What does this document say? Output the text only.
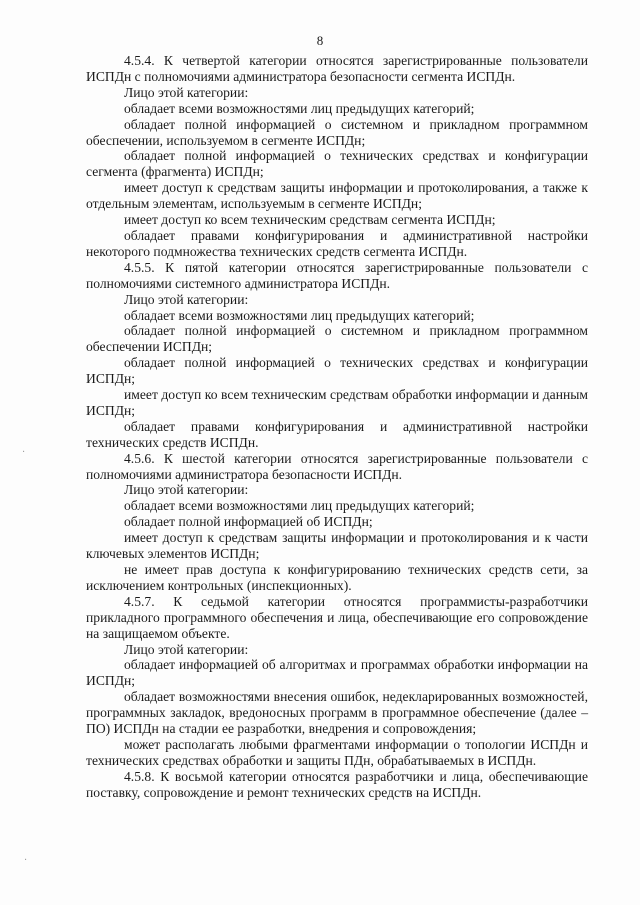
8

4.5.4. К четвертой категории относятся зарегистрированные пользователи ИСПДн с полномочиями администратора безопасности сегмента ИСПДн.

Лицо этой категории:

обладает всеми возможностями лиц предыдущих категорий;

обладает полной информацией о системном и прикладном программном обеспечении, используемом в сегменте ИСПДн;

обладает полной информацией о технических средствах и конфигурации сегмента (фрагмента) ИСПДн;

имеет доступ к средствам защиты информации и протоколирования, а также к отдельным элементам, используемым в сегменте ИСПДн;

имеет доступ ко всем техническим средствам сегмента ИСПДн;

обладает правами конфигурирования и административной настройки некоторого подмножества технических средств сегмента ИСПДн.

4.5.5. К пятой категории относятся зарегистрированные пользователи с полномочиями системного администратора ИСПДн.

Лицо этой категории:

обладает всеми возможностями лиц предыдущих категорий;

обладает полной информацией о системном и прикладном программном обеспечении ИСПДн;

обладает полной информацией о технических средствах и конфигурации ИСПДн;

имеет доступ ко всем техническим средствам обработки информации и данным ИСПДн;

обладает правами конфигурирования и административной настройки технических средств ИСПДн.

4.5.6. К шестой категории относятся зарегистрированные пользователи с полномочиями администратора безопасности ИСПДн.

Лицо этой категории:

обладает всеми возможностями лиц предыдущих категорий;

обладает полной информацией об ИСПДн;

имеет доступ к средствам защиты информации и протоколирования и к части ключевых элементов ИСПДн;

не имеет прав доступа к конфигурированию технических средств сети, за исключением контрольных (инспекционных).

4.5.7. К седьмой категории относятся программисты-разработчики прикладного программного обеспечения и лица, обеспечивающие его сопровождение на защищаемом объекте.

Лицо этой категории:

обладает информацией об алгоритмах и программах обработки информации на ИСПДн;

обладает возможностями внесения ошибок, недекларированных возможностей, программных закладок, вредоносных программ в программное обеспечение (далее – ПО) ИСПДн на стадии ее разработки, внедрения и сопровождения;

может располагать любыми фрагментами информации о топологии ИСПДн и технических средствах обработки и защиты ПДн, обрабатываемых в ИСПДн.

4.5.8. К восьмой категории относятся разработчики и лица, обеспечивающие поставку, сопровождение и ремонт технических средств на ИСПДн.

·
·
